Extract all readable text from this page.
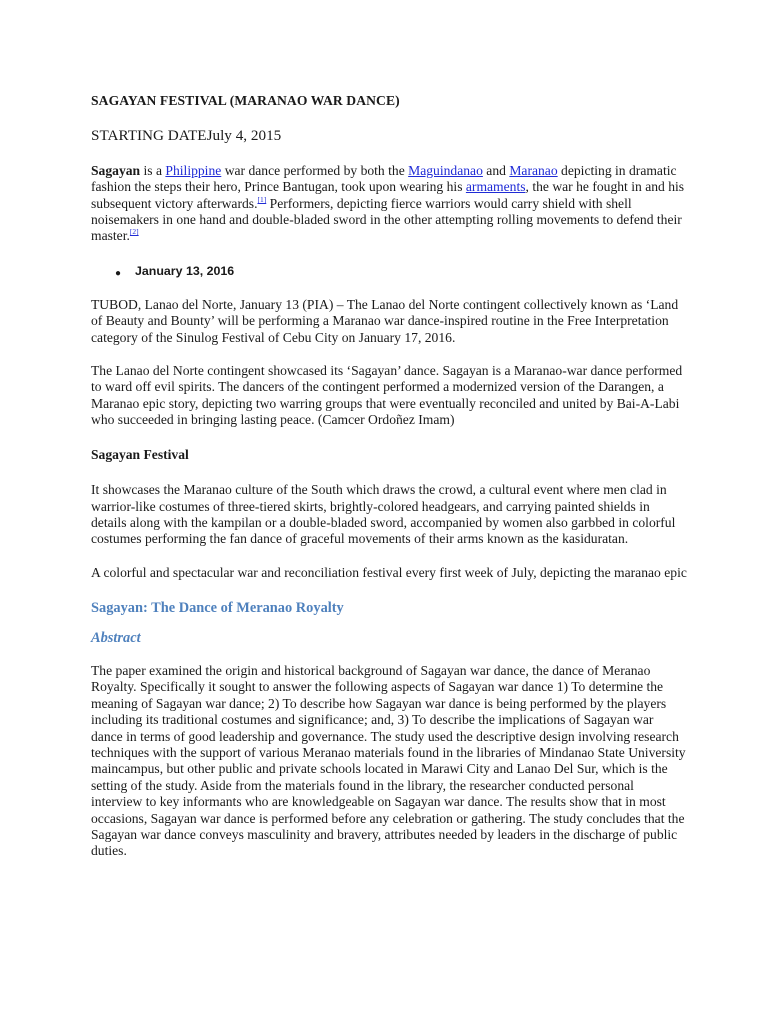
SAGAYAN FESTIVAL (MARANAO WAR DANCE)
STARTING DATEJuly 4, 2015

Sagayan is a Philippine war dance performed by both the Maguindanao and Maranao depicting in dramatic fashion the steps their hero, Prince Bantugan, took upon wearing his armaments, the war he fought in and his subsequent victory afterwards.[1] Performers, depicting fierce warriors would carry shield with shell noisemakers in one hand and double-bladed sword in the other attempting rolling movements to defend their master.[2]

● January 13, 2016

TUBOD, Lanao del Norte, January 13 (PIA) – The Lanao del Norte contingent collectively known as ‘Land of Beauty and Bounty’ will be performing a Maranao war dance-inspired routine in the Free Interpretation category of the Sinulog Festival of Cebu City on January 17, 2016.

The Lanao del Norte contingent showcased its ‘Sagayan’ dance. Sagayan is a Maranao-war dance performed to ward off evil spirits. The dancers of the contingent performed a modernized version of the Darangen, a Maranao epic story, depicting two warring groups that were eventually reconciled and united by Bai-A-Labi who succeeded in bringing lasting peace. (Camcer Ordoñez Imam)

Sagayan Festival

It showcases the Maranao culture of the South which draws the crowd, a cultural event where men clad in warrior-like costumes of three-tiered skirts, brightly-colored headgears, and carrying painted shields in details along with the kampilan or a double-bladed sword, accompanied by women also garbbed in colorful costumes performing the fan dance of graceful movements of their arms known as the kasiduratan.

A colorful and spectacular war and reconciliation festival every first week of July, depicting the maranao epic

Sagayan: The Dance of Meranao Royalty
Abstract

The paper examined the origin and historical background of Sagayan war dance, the dance of Meranao Royalty. Specifically it sought to answer the following aspects of Sagayan war dance 1) To determine the meaning of Sagayan war dance; 2) To describe how Sagayan war dance is being performed by the players including its traditional costumes and significance; and, 3) To describe the implications of Sagayan war dance in terms of good leadership and governance. The study used the descriptive design involving research techniques with the support of various Meranao materials found in the libraries of Mindanao State University maincampus, but other public and private schools located in Marawi City and Lanao Del Sur, which is the setting of the study. Aside from the materials found in the library, the researcher conducted personal interview to key informants who are knowledgeable on Sagayan war dance. The results show that in most occasions, Sagayan war dance is performed before any celebration or gathering. The study concludes that the Sagayan war dance conveys masculinity and bravery, attributes needed by leaders in the discharge of public duties.
